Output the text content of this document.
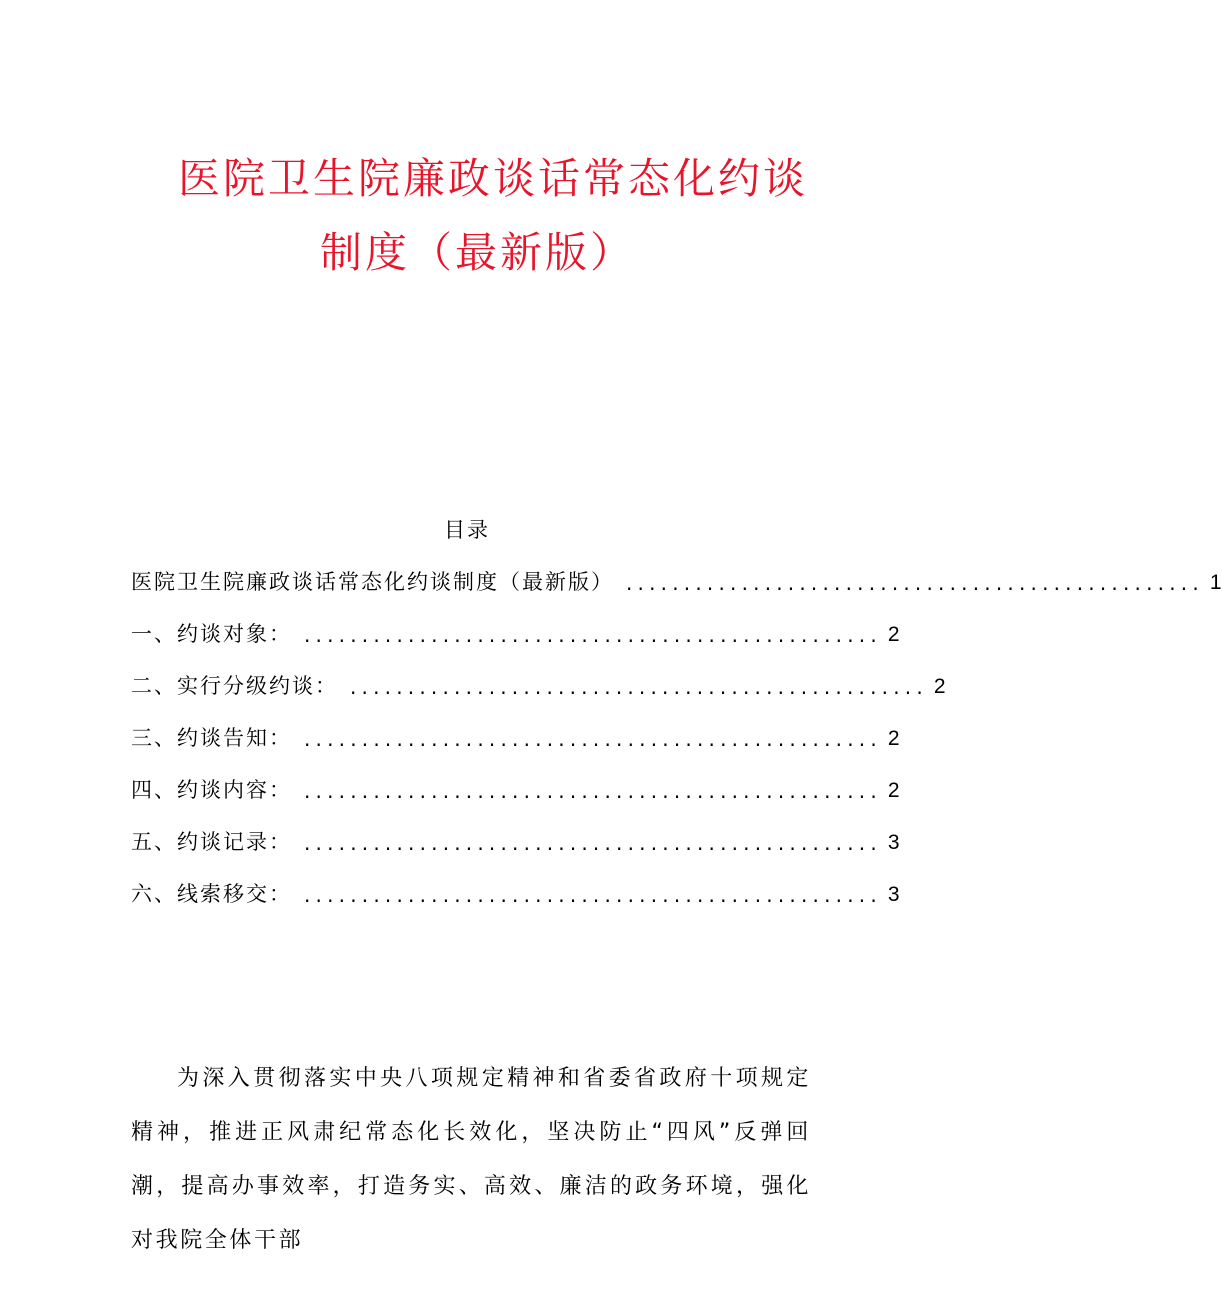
医院卫生院廉政谈话常态化约谈
制度（最新版）
目录
医院卫生院廉政谈话常态化约谈制度（最新版） .................................................. 1
一、约谈对象： .................................................. 2
二、实行分级约谈： .................................................. 2
三、约谈告知： .................................................. 2
四、约谈内容： .................................................. 2
五、约谈记录： .................................................. 3
六、线索移交： .................................................. 3

为深入贯彻落实中央八项规定精神和省委省政府十项规定精神，推进正风肃纪常态化长效化，坚决防止“四风”反弹回潮，提高办事效率，打造务实、高效、廉洁的政务环境，强化对我院全体干部
